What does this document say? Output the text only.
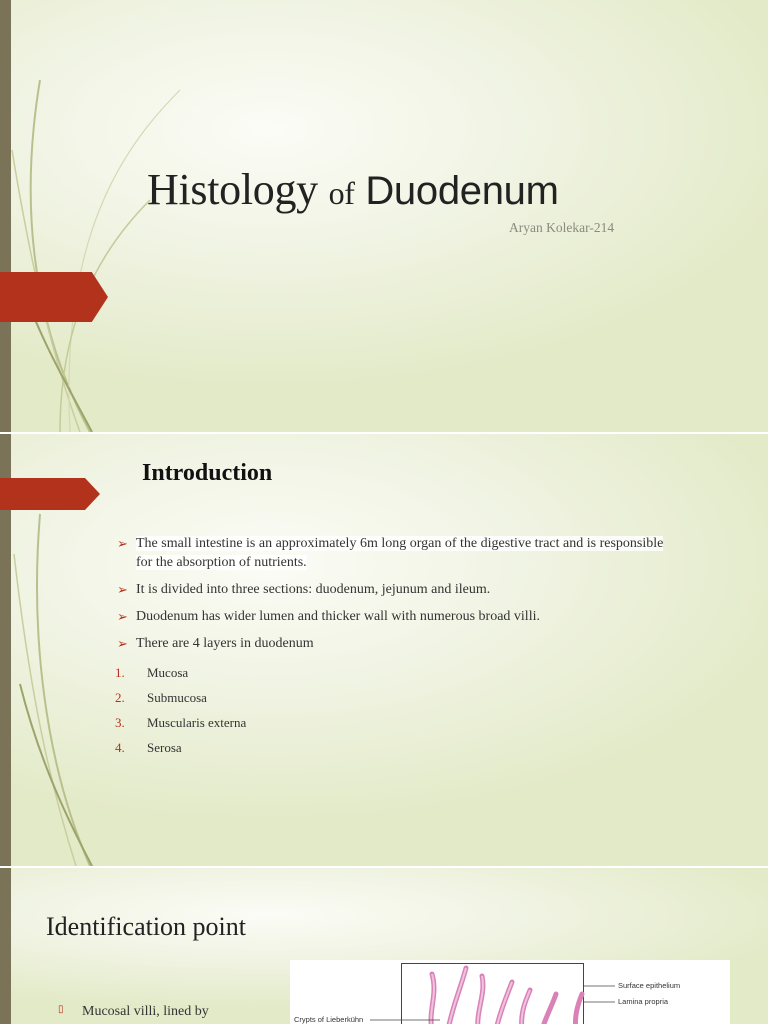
Histology of Duodenum
Aryan Kolekar-214
Introduction
➢ The small intestine is an approximately 6m long organ of the digestive tract and is responsible for the absorption of nutrients.
➢ It is divided into three sections: duodenum, jejunum and ileum.
➢ Duodenum has wider lumen and thicker wall with numerous broad villi.
➢ There are 4 layers in duodenum
1. Mucosa
2. Submucosa
3. Muscularis externa
4. Serosa
Identification point
▯ Mucosal villi, lined by
Surface epithelium
Lamina propria
Crypts of Lieberkühn
